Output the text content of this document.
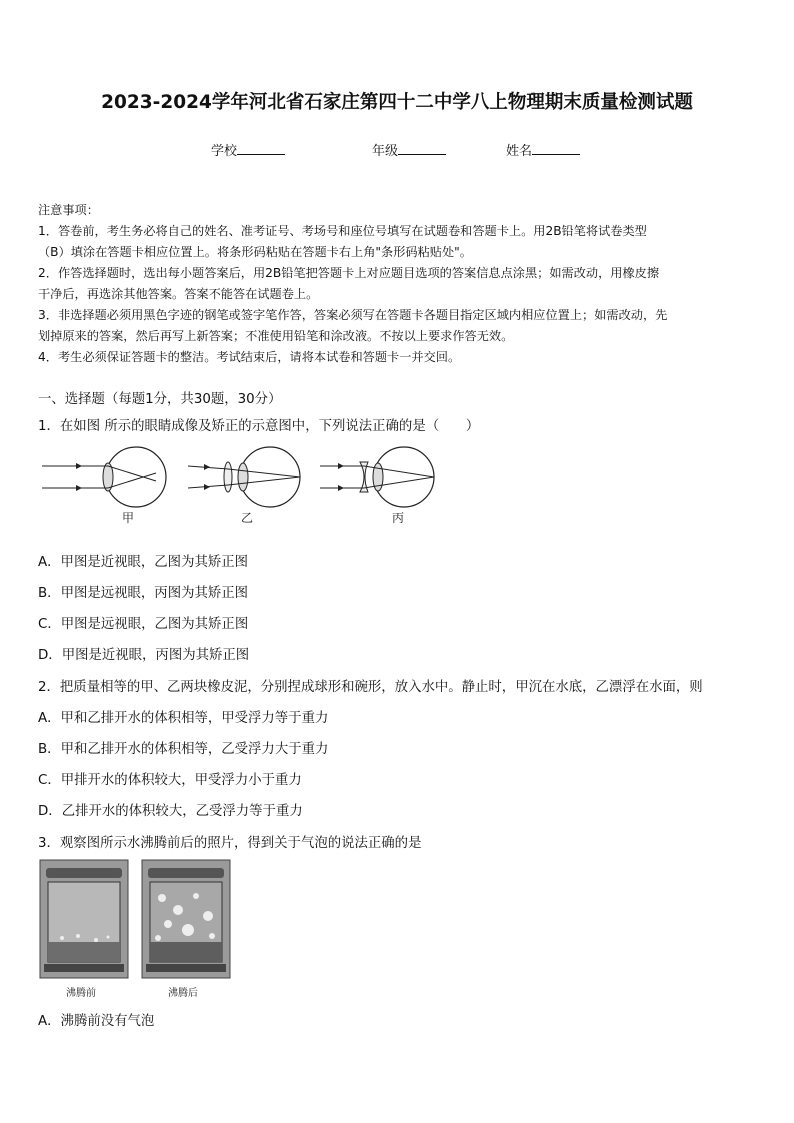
2023-2024学年河北省石家庄第四十二中学八上物理期末质量检测试题
学校	年级	姓名
注意事项：
1．答卷前，考生务必将自己的姓名、准考证号、考场号和座位号填写在试题卷和答题卡上。用2B铅笔将试卷类型
（B）填涂在答题卡相应位置上。将条形码粘贴在答题卡右上角"条形码粘贴处"。
2．作答选择题时，选出每小题答案后，用2B铅笔把答题卡上对应题目选项的答案信息点涂黑；如需改动，用橡皮擦
干净后，再选涂其他答案。答案不能答在试题卷上。
3．非选择题必须用黑色字迹的钢笔或签字笔作答，答案必须写在答题卡各题目指定区域内相应位置上；如需改动，先
划掉原来的答案，然后再写上新答案；不准使用铅笔和涂改液。不按以上要求作答无效。
4．考生必须保证答题卡的整洁。考试结束后，请将本试卷和答题卡一并交回。
一、选择题（每题1分，共30题，30分）
1．在如图 所示的眼睛成像及矫正的示意图中，下列说法正确的是（　　）
甲	乙	丙
A．甲图是近视眼，乙图为其矫正图
B．甲图是远视眼，丙图为其矫正图
C．甲图是远视眼，乙图为其矫正图
D．甲图是近视眼，丙图为其矫正图
2．把质量相等的甲、乙两块橡皮泥，分别捏成球形和碗形，放入水中。静止时，甲沉在水底，乙漂浮在水面，则
A．甲和乙排开水的体积相等，甲受浮力等于重力
B．甲和乙排开水的体积相等，乙受浮力大于重力
C．甲排开水的体积较大，甲受浮力小于重力
D．乙排开水的体积较大，乙受浮力等于重力
3．观察图所示水沸腾前后的照片，得到关于气泡的说法正确的是
沸腾前	沸腾后
A．沸腾前没有气泡
